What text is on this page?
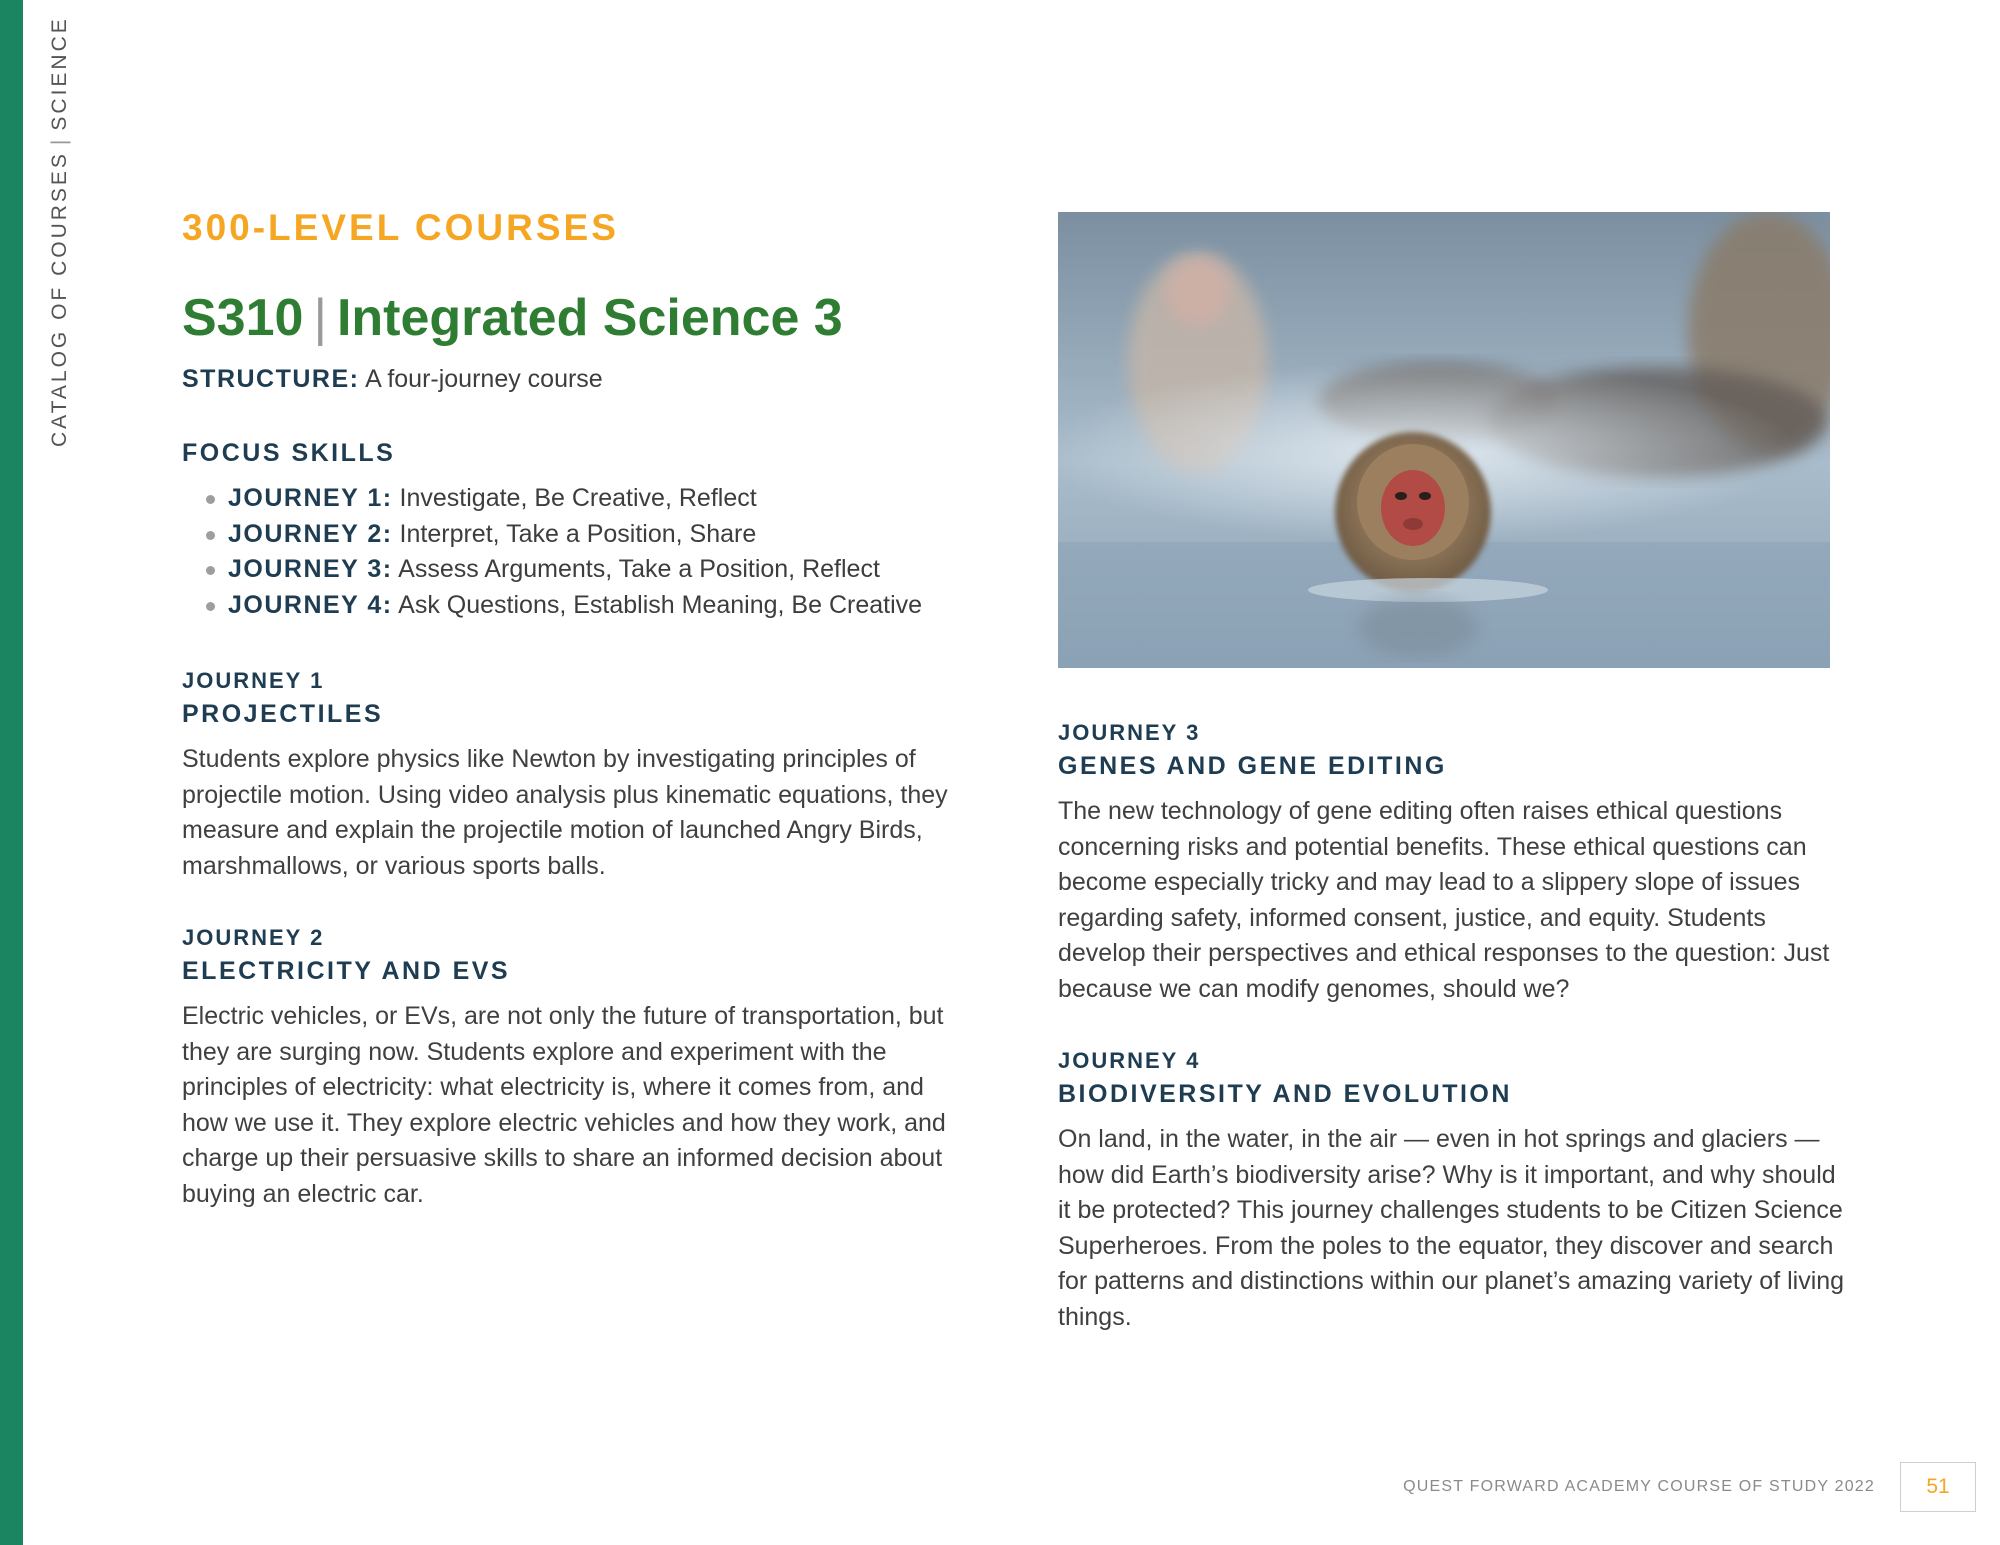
CATALOG OF COURSES|SCIENCE
300-LEVEL COURSES
S310 | Integrated Science 3
STRUCTURE: A four-journey course
FOCUS SKILLS
JOURNEY 1: Investigate, Be Creative, Reflect
JOURNEY 2: Interpret, Take a Position, Share
JOURNEY 3: Assess Arguments, Take a Position, Reflect
JOURNEY 4: Ask Questions, Establish Meaning, Be Creative
JOURNEY 1
PROJECTILES

Students explore physics like Newton by investigating principles of projectile motion. Using video analysis plus kinematic equations, they measure and explain the projectile motion of launched Angry Birds, marshmallows, or various sports balls.

JOURNEY 2
ELECTRICITY AND EVS

Electric vehicles, or EVs, are not only the future of transportation, but they are surging now. Students explore and experiment with the principles of electricity: what electricity is, where it comes from, and how we use it. They explore electric vehicles and how they work, and charge up their persuasive skills to share an informed decision about buying an electric car.

JOURNEY 3
GENES AND GENE EDITING

The new technology of gene editing often raises ethical questions concerning risks and potential benefits. These ethical questions can become especially tricky and may lead to a slippery slope of issues regarding safety, informed consent, justice, and equity. Students develop their perspectives and ethical responses to the question: Just because we can modify genomes, should we?

JOURNEY 4
BIODIVERSITY AND EVOLUTION

On land, in the water, in the air — even in hot springs and glaciers — how did Earth’s biodiversity arise? Why is it important, and why should it be protected? This journey challenges students to be Citizen Science Superheroes. From the poles to the equator, they discover and search for patterns and distinctions within our planet’s amazing variety of living things.

QUEST FORWARD ACADEMY COURSE OF STUDY 2022	51
